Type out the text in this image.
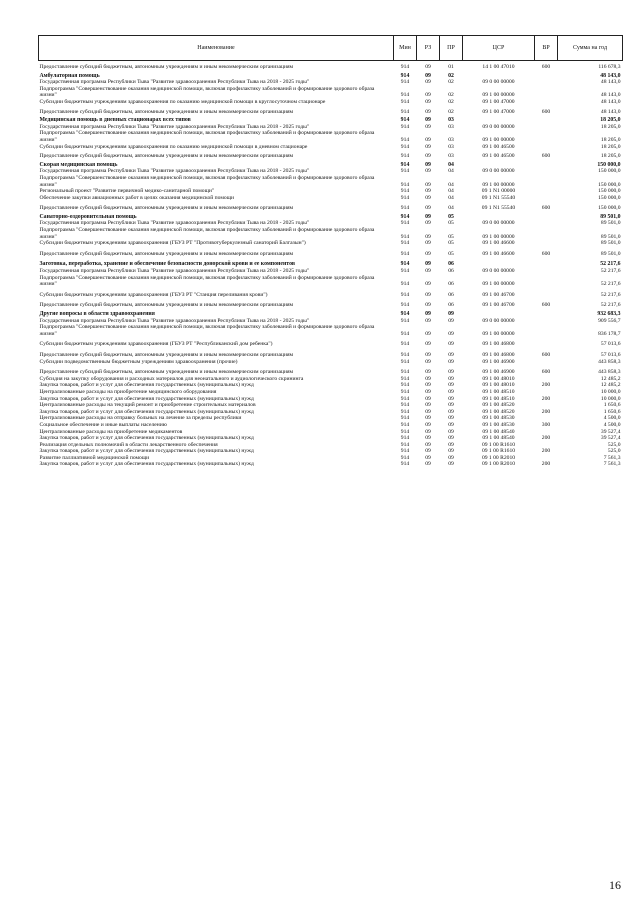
Наименование	Мин	РЗ	ПР	ЦСР	ВР	Сумма на год
Предоставление субсидий бюджетным, автономным учреждениям и иным некоммерческим организациям	914	09	01	14 1 00 47010	600	116 678,3
Амбулаторная помощь	914	09	02			48 143,0
Государственная программа Республики Тыва "Развитие здравоохранения Республики Тыва на 2018 - 2025 годы"	914	09	02	09 0 00 00000		48 143,0
Подпрограмма "Совершенствование оказания медицинской помощи, включая профилактику заболеваний и формирование здорового образа жизни"	914	09	02	09 1 00 00000		48 143,0
Субсидии бюджетным учреждениям здравоохранения по оказанию медицинской помощи в круглосуточном стационаре	914	09	02	09 1 00 47000		48 143,0
Предоставление субсидий бюджетным, автономным учреждениям и иным некоммерческим организациям	914	09	02	09 1 00 47000	600	48 143,0
Медицинская помощь в дневных стационарах всех типов	914	09	03			18 205,0
Государственная программа Республики Тыва "Развитие здравоохранения Республики Тыва на 2018 - 2025 годы"	914	09	03	09 0 00 00000		18 205,0
Подпрограмма "Совершенствование оказания медицинской помощи, включая профилактику заболеваний и формирование здорового образа жизни"	914	09	03	09 1 00 00000		18 205,0
Субсидии бюджетным учреждениям здравоохранения по оказанию медицинской помощи в дневном стационаре	914	09	03	09 1 00 46500		18 205,0
Предоставление субсидий бюджетным, автономным учреждениям и иным некоммерческим организациям	914	09	03	09 1 00 46500	600	18 205,0
Скорая медицинская помощь	914	09	04			150 000,0
Государственная программа Республики Тыва "Развитие здравоохранения Республики Тыва на 2018 - 2025 годы"	914	09	04	09 0 00 00000		150 000,0
Подпрограмма "Совершенствование оказания медицинской помощи, включая профилактику заболеваний и формирование здорового образа жизни"	914	09	04	09 1 00 00000		150 000,0
Региональный проект "Развитие первичной медико-санитарной помощи"	914	09	04	09 1 N1 00000		150 000,0
Обеспечение закупки авиационных работ в целях оказания медицинской помощи	914	09	04	09 1 N1 55540		150 000,0
Предоставление субсидий бюджетным, автономным учреждениям и иным некоммерческим организациям	914	09	04	09 1 N1 55540	600	150 000,0
Санаторно-оздоровительная помощь	914	09	05			89 501,0
Государственная программа Республики Тыва "Развитие здравоохранения Республики Тыва на 2018 - 2025 годы"	914	09	05	09 0 00 00000		89 501,0
Подпрограмма "Совершенствование оказания медицинской помощи, включая профилактику заболеваний и формирование здорового образа жизни"	914	09	05	09 1 00 00000		89 501,0
Субсидии бюджетным учреждениям здравоохранения (ГБУЗ РТ "Противотуберкулезный санаторий Балгазын")	914	09	05	09 1 00 46600		89 501,0
Предоставление субсидий бюджетным, автономным учреждениям и иным некоммерческим организациям	914	09	05	09 1 00 46600	600	89 501,0
Заготовка, переработка, хранение и обеспечение безопасности донорской крови и ее компонентов	914	09	06			52 217,6
Государственная программа Республики Тыва "Развитие здравоохранения Республики Тыва на 2018 - 2025 годы"	914	09	06	09 0 00 00000		52 217,6
Подпрограмма "Совершенствование оказания медицинской помощи, включая профилактику заболеваний и формирование здорового образа жизни"	914	09	06	09 1 00 00000		52 217,6
Субсидии бюджетным учреждениям здравоохранения (ГБУЗ РТ "Станция переливания крови")	914	09	06	09 1 00 46700		52 217,6
Предоставление субсидий бюджетным, автономным учреждениям и иным некоммерческим организациям	914	09	06	09 1 00 46700	600	52 217,6
Другие вопросы в области здравоохранения	914	09	09			932 683,3
Государственная программа Республики Тыва "Развитие здравоохранения Республики Тыва на 2018 - 2025 годы"	914	09	09	09 0 00 00000		909 556,7
Подпрограмма "Совершенствование оказания медицинской помощи, включая профилактику заболеваний и формирование здорового образа жизни"	914	09	09	09 1 00 00000		836 178,7
Субсидии бюджетным учреждениям здравоохранения (ГБУЗ РТ "Республиканский дом ребенка")	914	09	09	09 1 00 46800		57 013,6
Предоставление субсидий бюджетным, автономным учреждениям и иным некоммерческим организациям	914	09	09	09 1 00 46800	600	57 013,6
Субсидии подведомственным бюджетным учреждениям здравоохранения (прочие)	914	09	09	09 1 00 46900		443 858,3
Предоставление субсидий бюджетным, автономным учреждениям и иным некоммерческим организациям	914	09	09	09 1 00 46900	600	443 858,3
Субсидия на закупку оборудования и расходных материалов для неонатального и аудиологического скрининга	914	09	09	09 1 00 48010		12 485,2
Закупка товаров, работ и услуг для обеспечения государственных (муниципальных) нужд	914	09	09	09 1 00 48010	200	12 485,2
Централизованные расходы на приобретение медицинского оборудования	914	09	09	09 1 00 48510		10 000,0
Закупка товаров, работ и услуг для обеспечения государственных (муниципальных) нужд	914	09	09	09 1 00 48510	200	10 000,0
Централизованные расходы на текущий ремонт и приобретение строительных материалов	914	09	09	09 1 00 48520		1 650,6
Закупка товаров, работ и услуг для обеспечения государственных (муниципальных) нужд	914	09	09	09 1 00 48520	200	1 650,6
Централизованные расходы на отправку больных на лечение за пределы республики	914	09	09	09 1 00 48530		4 500,0
Социальное обеспечение и иные выплаты населению	914	09	09	09 1 00 48530	300	4 500,0
Централизованные расходы на приобретение медикаментов	914	09	09	09 1 00 48540		39 527,4
Закупка товаров, работ и услуг для обеспечения государственных (муниципальных) нужд	914	09	09	09 1 00 48540	200	39 527,4
Реализация отдельных полномочий в области лекарственного обеспечения	914	09	09	09 1 00 R1610		525,0
Закупка товаров, работ и услуг для обеспечения государственных (муниципальных) нужд	914	09	09	09 1 00 R1610	200	525,0
Развитие паллиативной медицинской помощи	914	09	09	09 1 00 R2010		7 561,3
Закупка товаров, работ и услуг для обеспечения государственных (муниципальных) нужд	914	09	09	09 1 00 R2010	200	7 561,3
16
